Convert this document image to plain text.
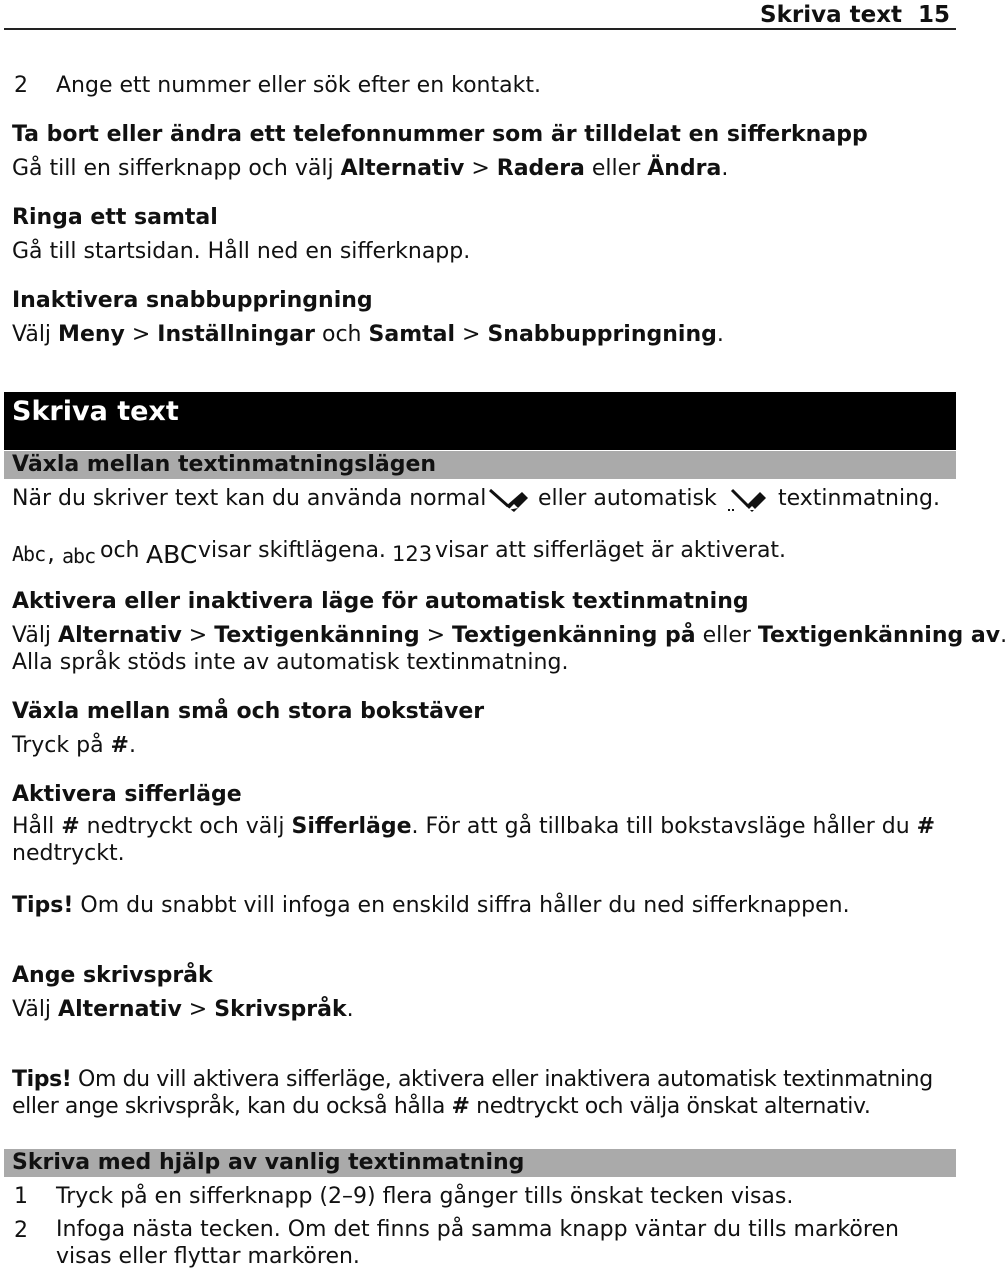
Skriva text 15
2 Ange ett nummer eller sök efter en kontakt.
Ta bort eller ändra ett telefonnummer som är tilldelat en sifferknapp
Gå till en sifferknapp och välj Alternativ > Radera eller Ändra.
Ringa ett samtal
Gå till startsidan. Håll ned en sifferknapp.
Inaktivera snabbuppringning
Välj Meny > Inställningar och Samtal > Snabbuppringning.
Skriva text
Växla mellan textinmatningslägen
När du skriver text kan du använda normal eller automatisk	textinmatning.
Abc, abc och ABC visar skiftlägena. 123 visar att sifferläget är aktiverat.
Aktivera eller inaktivera läge för automatisk textinmatning
Välj Alternativ > Textigenkänning > Textigenkänning på eller Textigenkänning av.
Alla språk stöds inte av automatisk textinmatning.
Växla mellan små och stora bokstäver
Tryck på #.
Aktivera sifferläge
Håll # nedtryckt och välj Sifferläge. För att gå tillbaka till bokstavsläge håller du # nedtryckt.
Tips! Om du snabbt vill infoga en enskild siffra håller du ned sifferknappen.
Ange skrivspråk
Välj Alternativ > Skrivspråk.
Tips! Om du vill aktivera sifferläge, aktivera eller inaktivera automatisk textinmatning eller ange skrivspråk, kan du också hålla # nedtryckt och välja önskat alternativ.
Skriva med hjälp av vanlig textinmatning
1 Tryck på en sifferknapp (2–9) flera gånger tills önskat tecken visas.
2 Infoga nästa tecken. Om det finns på samma knapp väntar du tills markören visas eller flyttar markören.
